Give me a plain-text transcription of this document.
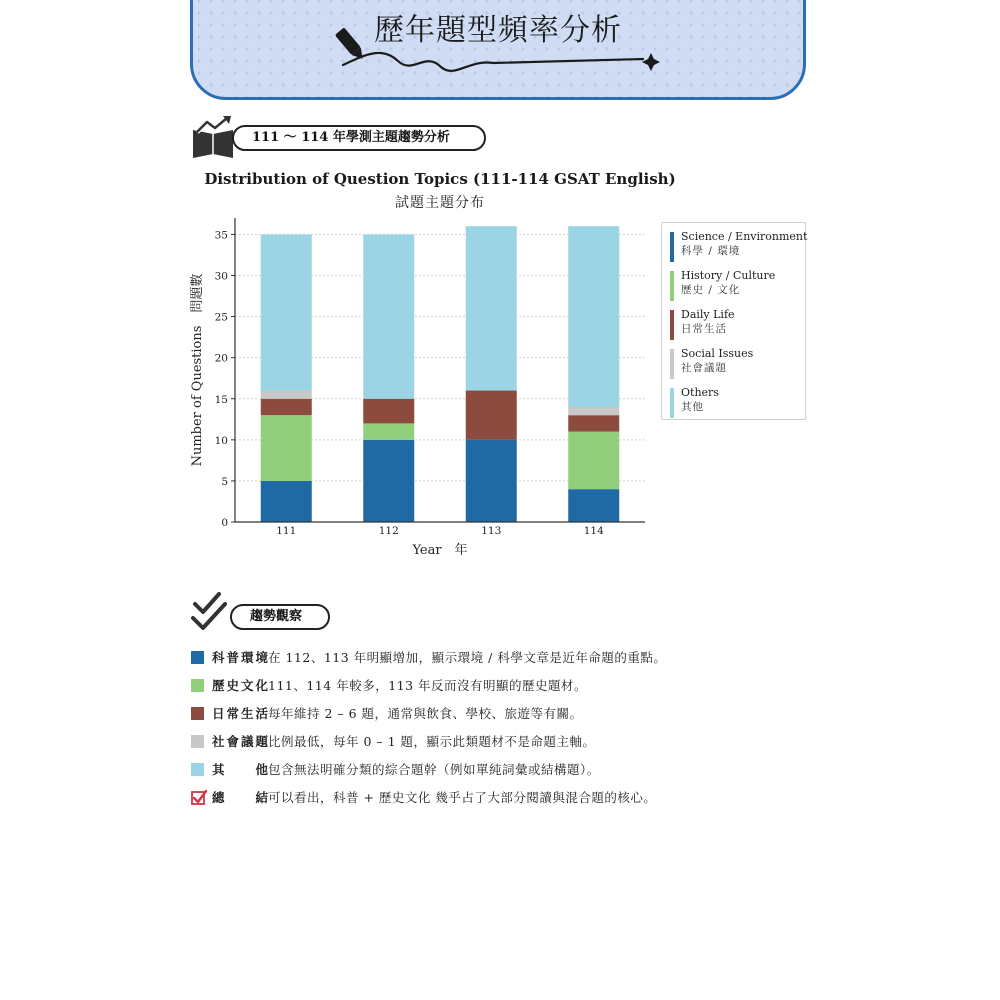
歷年題型頻率分析
111 ～ 114 年學測主題趨勢分析
Distribution of Question Topics (111-114 GSAT English)
試題主題分布
0
5
10
15
20
25
30
35
111	112	113	114
Year　年
Number of Questions　問題數
Science / Environment
科學 / 環境
History / Culture
歷史 / 文化
Daily Life
日常生活
Social Issues
社會議題
Others
其他
趨勢觀察
科普環境
：在 112、113 年明顯增加，顯示環境 / 科學文章是近年命題的重點。
歷史文化
：111、114 年較多，113 年反而沒有明顯的歷史題材。
日常生活
：每年維持 2 – 6 題，通常與飲食、學校、旅遊等有關。
社會議題
：比例最低，每年 0 – 1 題，顯示此類題材不是命題主軸。
其　　他
：包含無法明確分類的綜合題幹（例如單純詞彙或結構題）。
總　　結
：可以看出，科普 + 歷史文化 幾乎占了大部分閱讀與混合題的核心。
